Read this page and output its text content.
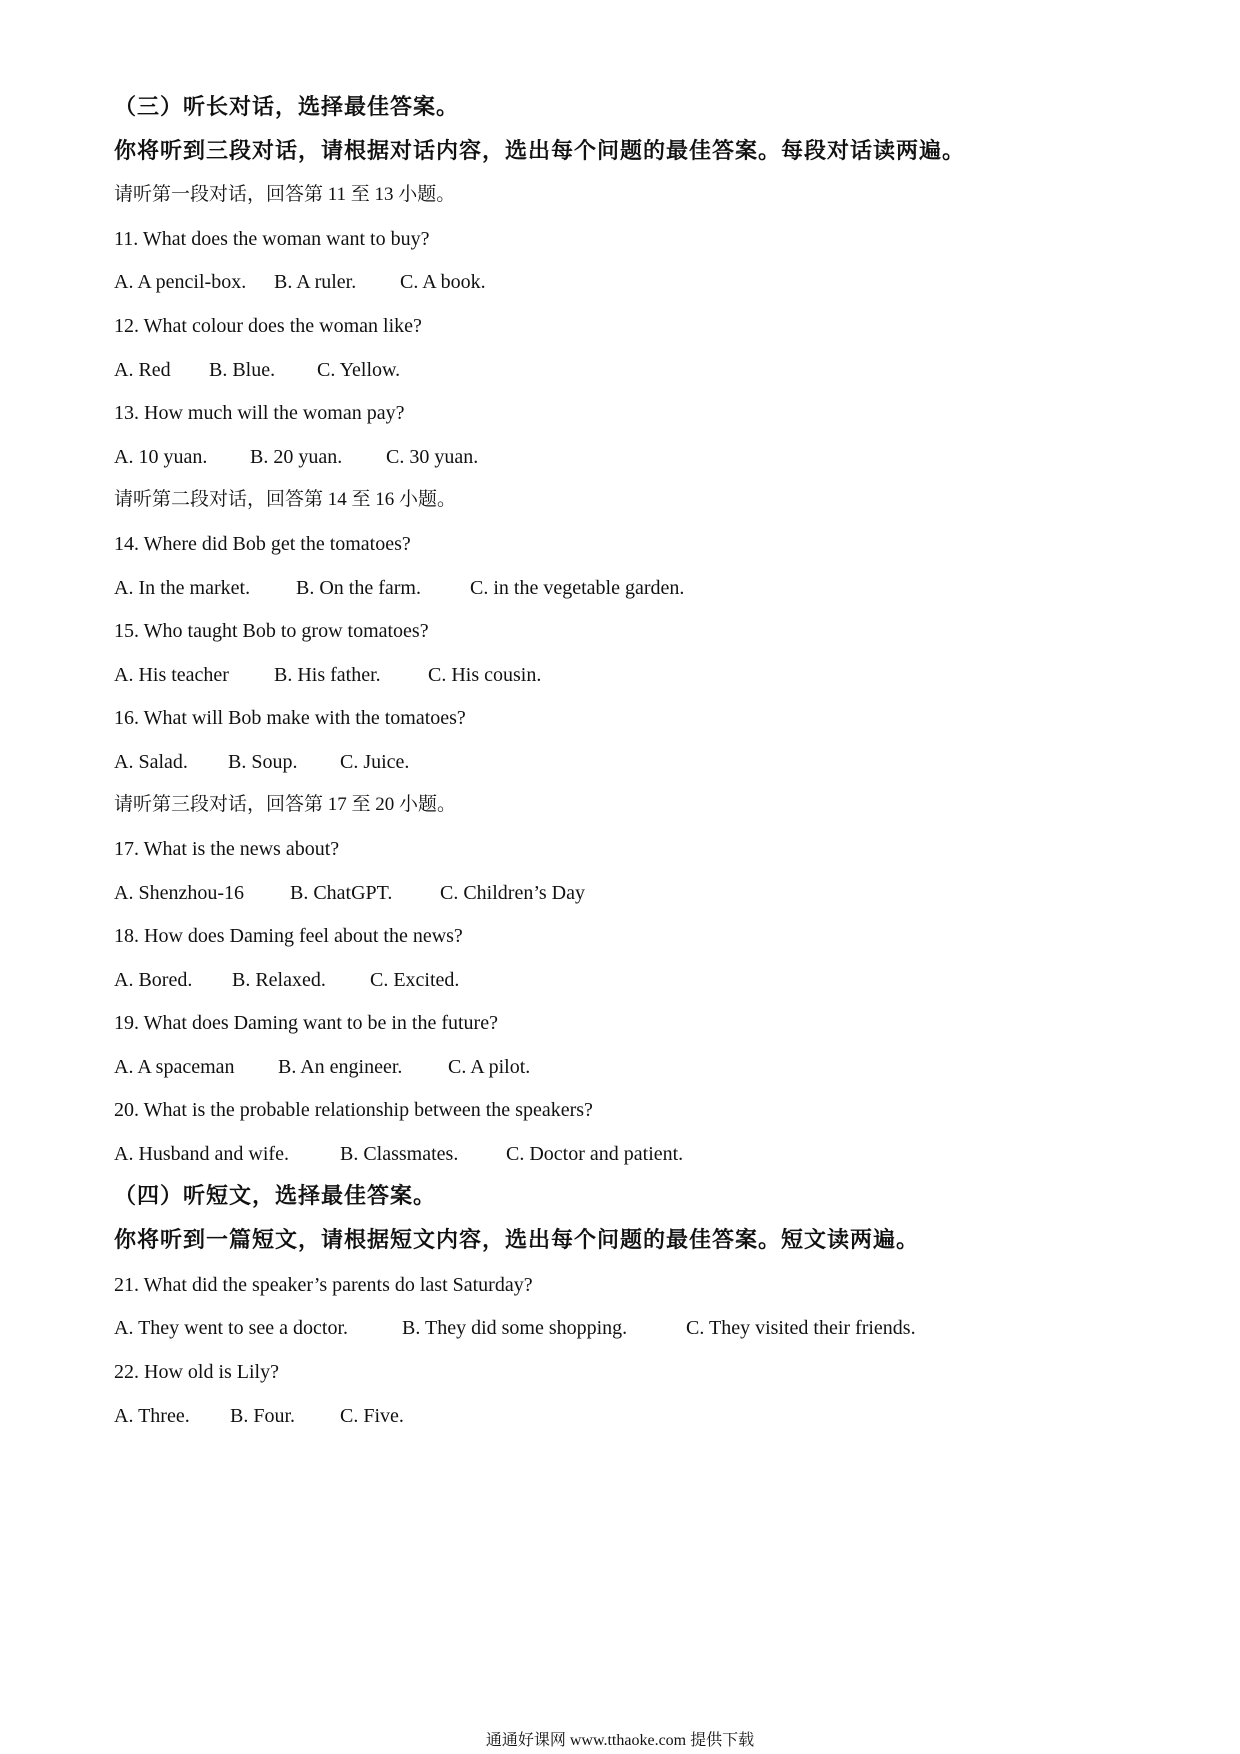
（三）听长对话，选择最佳答案。
你将听到三段对话，请根据对话内容，选出每个问题的最佳答案。每段对话读两遍。
请听第一段对话，回答第 11 至 13 小题。
11. What does the woman want to buy?
A. A pencil-box. B. A ruler. C. A book.
12. What colour does the woman like?
A. Red B. Blue. C. Yellow.
13. How much will the woman pay?
A. 10 yuan. B. 20 yuan. C. 30 yuan.
请听第二段对话，回答第 14 至 16 小题。
14. Where did Bob get the tomatoes?
A. In the market. B. On the farm. C. in the vegetable garden.
15. Who taught Bob to grow tomatoes?
A. His teacher B. His father. C. His cousin.
16. What will Bob make with the tomatoes?
A. Salad. B. Soup. C. Juice.
请听第三段对话，回答第 17 至 20 小题。
17. What is the news about?
A. Shenzhou-16 B. ChatGPT. C. Children’s Day
18. How does Daming feel about the news?
A. Bored. B. Relaxed. C. Excited.
19. What does Daming want to be in the future?
A. A spaceman B. An engineer. C. A pilot.
20. What is the probable relationship between the speakers?
A. Husband and wife.	B. Classmates. C. Doctor and patient.
（四）听短文，选择最佳答案。
你将听到一篇短文，请根据短文内容，选出每个问题的最佳答案。短文读两遍。
21. What did the speaker’s parents do last Saturday?
A. They went to see a doctor.	B. They did some shopping.	C. They visited their friends.
22. How old is Lily?
A. Three. B. Four. C. Five.
通通好课网 www.tthaoke.com 提供下载
